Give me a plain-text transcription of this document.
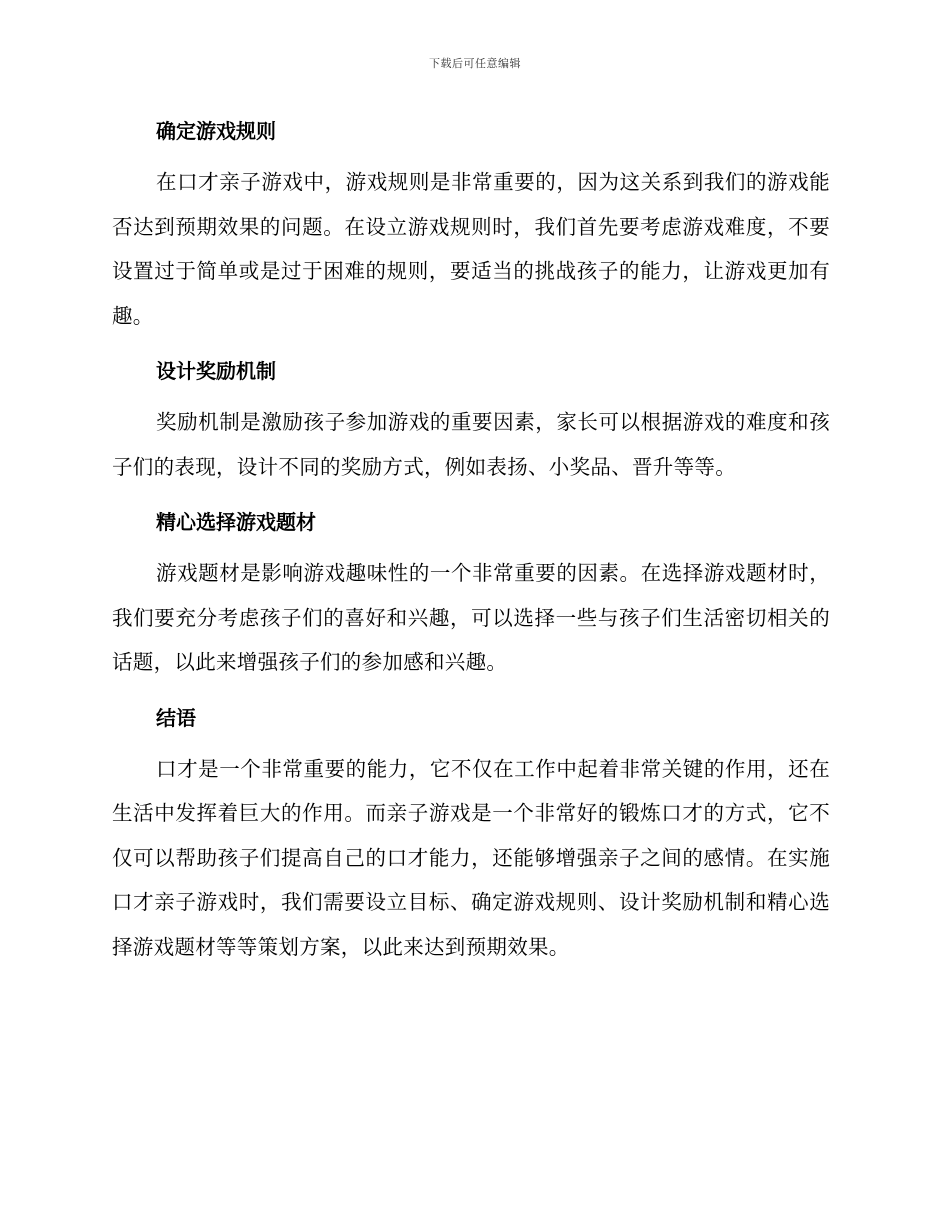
下载后可任意编辑
确定游戏规则

在口才亲子游戏中，游戏规则是非常重要的，因为这关系到我们的游戏能否达到预期效果的问题。在设立游戏规则时，我们首先要考虑游戏难度，不要设置过于简单或是过于困难的规则，要适当的挑战孩子的能力，让游戏更加有趣。

设计奖励机制

奖励机制是激励孩子参加游戏的重要因素，家长可以根据游戏的难度和孩子们的表现，设计不同的奖励方式，例如表扬、小奖品、晋升等等。

精心选择游戏题材

游戏题材是影响游戏趣味性的一个非常重要的因素。在选择游戏题材时，我们要充分考虑孩子们的喜好和兴趣，可以选择一些与孩子们生活密切相关的话题，以此来增强孩子们的参加感和兴趣。

结语

口才是一个非常重要的能力，它不仅在工作中起着非常关键的作用，还在生活中发挥着巨大的作用。而亲子游戏是一个非常好的锻炼口才的方式，它不仅可以帮助孩子们提高自己的口才能力，还能够增强亲子之间的感情。在实施口才亲子游戏时，我们需要设立目标、确定游戏规则、设计奖励机制和精心选择游戏题材等等策划方案，以此来达到预期效果。
